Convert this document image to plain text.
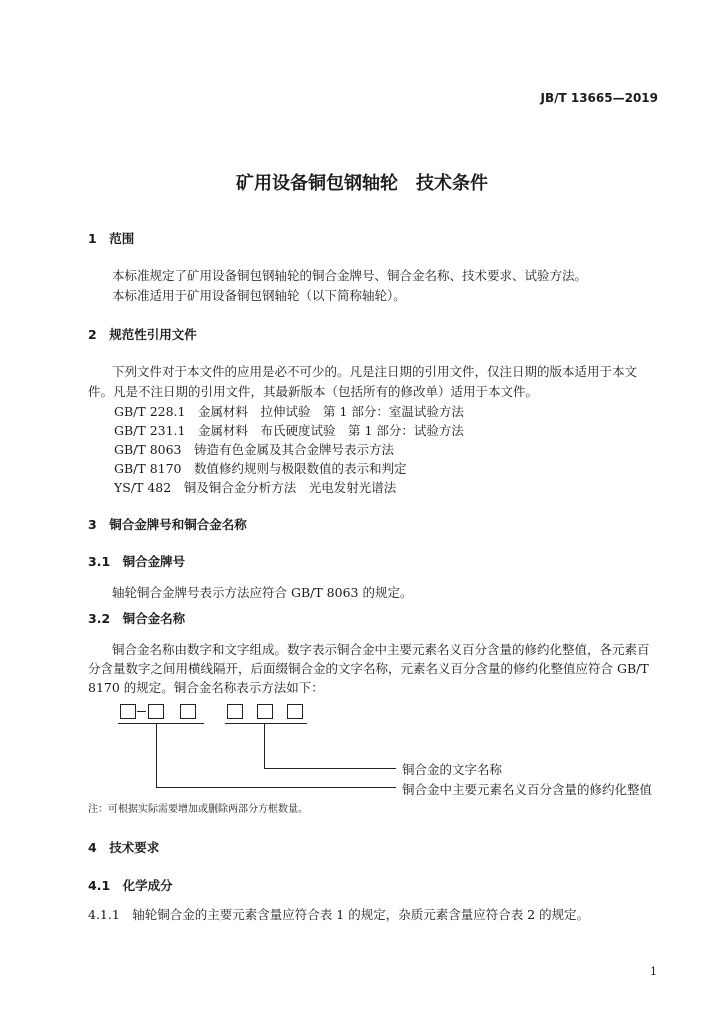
JB/T 13665—2019
矿用设备铜包钢轴轮　技术条件
1　范围
本标准规定了矿用设备铜包钢轴轮的铜合金牌号、铜合金名称、技术要求、试验方法。
本标准适用于矿用设备铜包钢轴轮（以下简称轴轮）。
2　规范性引用文件
下列文件对于本文件的应用是必不可少的。凡是注日期的引用文件，仅注日期的版本适用于本文
件。凡是不注日期的引用文件，其最新版本（包括所有的修改单）适用于本文件。
GB/T 228.1　金属材料　拉伸试验　第 1 部分：室温试验方法
GB/T 231.1　金属材料　布氏硬度试验　第 1 部分：试验方法
GB/T 8063　铸造有色金属及其合金牌号表示方法
GB/T 8170　数值修约规则与极限数值的表示和判定
YS/T 482　铜及铜合金分析方法　光电发射光谱法
3　铜合金牌号和铜合金名称
3.1　铜合金牌号
轴轮铜合金牌号表示方法应符合 GB/T 8063 的规定。
3.2　铜合金名称
铜合金名称由数字和文字组成。数字表示铜合金中主要元素名义百分含量的修约化整值，各元素百
分含量数字之间用横线隔开，后面缀铜合金的文字名称，元素名义百分含量的修约化整值应符合 GB/T
8170 的规定。铜合金名称表示方法如下：
铜合金的文字名称
铜合金中主要元素名义百分含量的修约化整值
注：可根据实际需要增加或删除两部分方框数量。
4　技术要求
4.1　化学成分
4.1.1　轴轮铜合金的主要元素含量应符合表 1 的规定，杂质元素含量应符合表 2 的规定。
1
